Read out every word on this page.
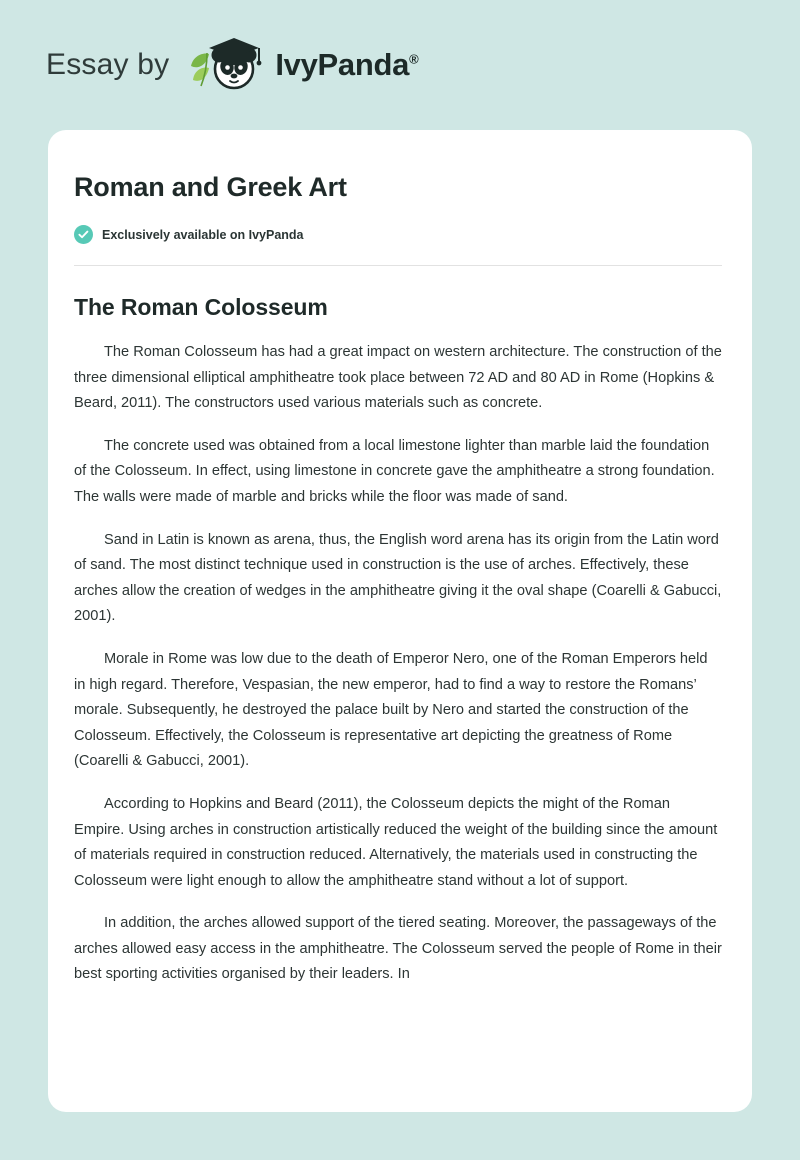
Essay by	IvyPanda®
Roman and Greek Art
Exclusively available on IvyPanda
The Roman Colosseum

The Roman Colosseum has had a great impact on western architecture. The construction of the three dimensional elliptical amphitheatre took place between 72 AD and 80 AD in Rome (Hopkins & Beard, 2011). The constructors used various materials such as concrete.

The concrete used was obtained from a local limestone lighter than marble laid the foundation of the Colosseum. In effect, using limestone in concrete gave the amphitheatre a strong foundation. The walls were made of marble and bricks while the floor was made of sand.

Sand in Latin is known as arena, thus, the English word arena has its origin from the Latin word of sand. The most distinct technique used in construction is the use of arches. Effectively, these arches allow the creation of wedges in the amphitheatre giving it the oval shape (Coarelli & Gabucci, 2001).

Morale in Rome was low due to the death of Emperor Nero, one of the Roman Emperors held in high regard. Therefore, Vespasian, the new emperor, had to find a way to restore the Romans’ morale. Subsequently, he destroyed the palace built by Nero and started the construction of the Colosseum. Effectively, the Colosseum is representative art depicting the greatness of Rome (Coarelli & Gabucci, 2001).

According to Hopkins and Beard (2011), the Colosseum depicts the might of the Roman Empire. Using arches in construction artistically reduced the weight of the building since the amount of materials required in construction reduced. Alternatively, the materials used in constructing the Colosseum were light enough to allow the amphitheatre stand without a lot of support.

In addition, the arches allowed support of the tiered seating. Moreover, the passageways of the arches allowed easy access in the amphitheatre. The Colosseum served the people of Rome in their best sporting activities organised by their leaders. In
